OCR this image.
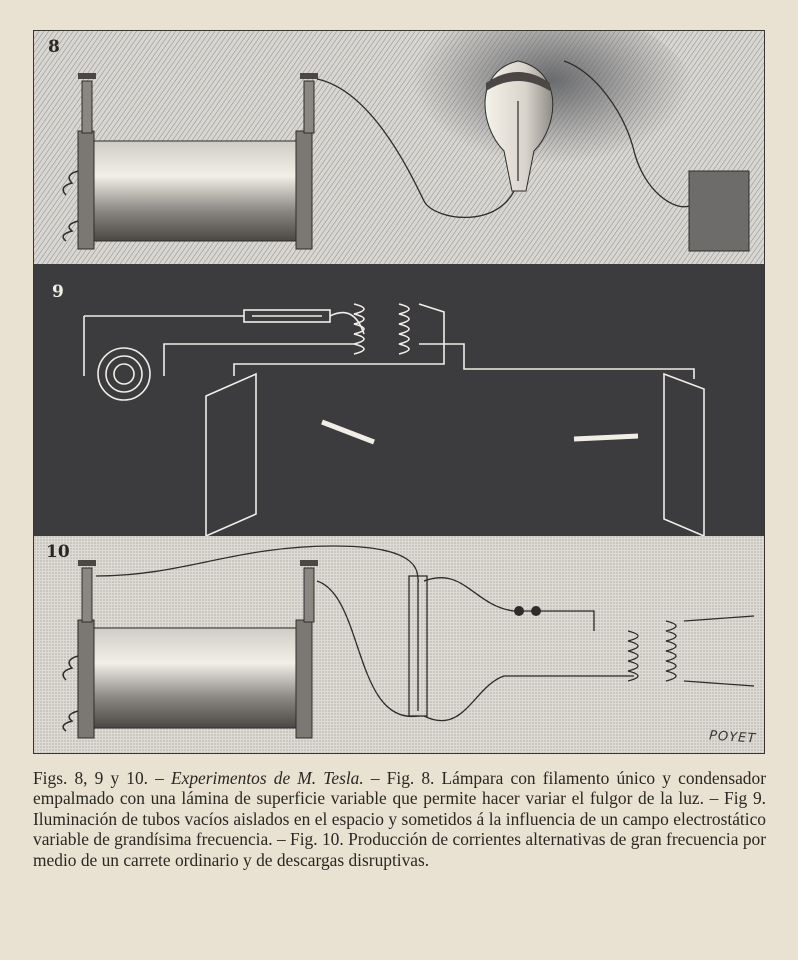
8
9
10
POYET
Figs. 8, 9 y 10. – Experimentos de M. Tesla. – Fig. 8. Lámpara con filamento único y condensador empalmado con una lámina de superficie variable que permite hacer variar el fulgor de la luz. – Fig 9. Iluminación de tubos vacíos aislados en el espacio y sometidos á la influencia de un campo electrostático variable de grandísima frecuencia. – Fig. 10. Producción de corrientes alternativas de gran frecuencia por medio de un carrete ordinario y de descargas disruptivas.
